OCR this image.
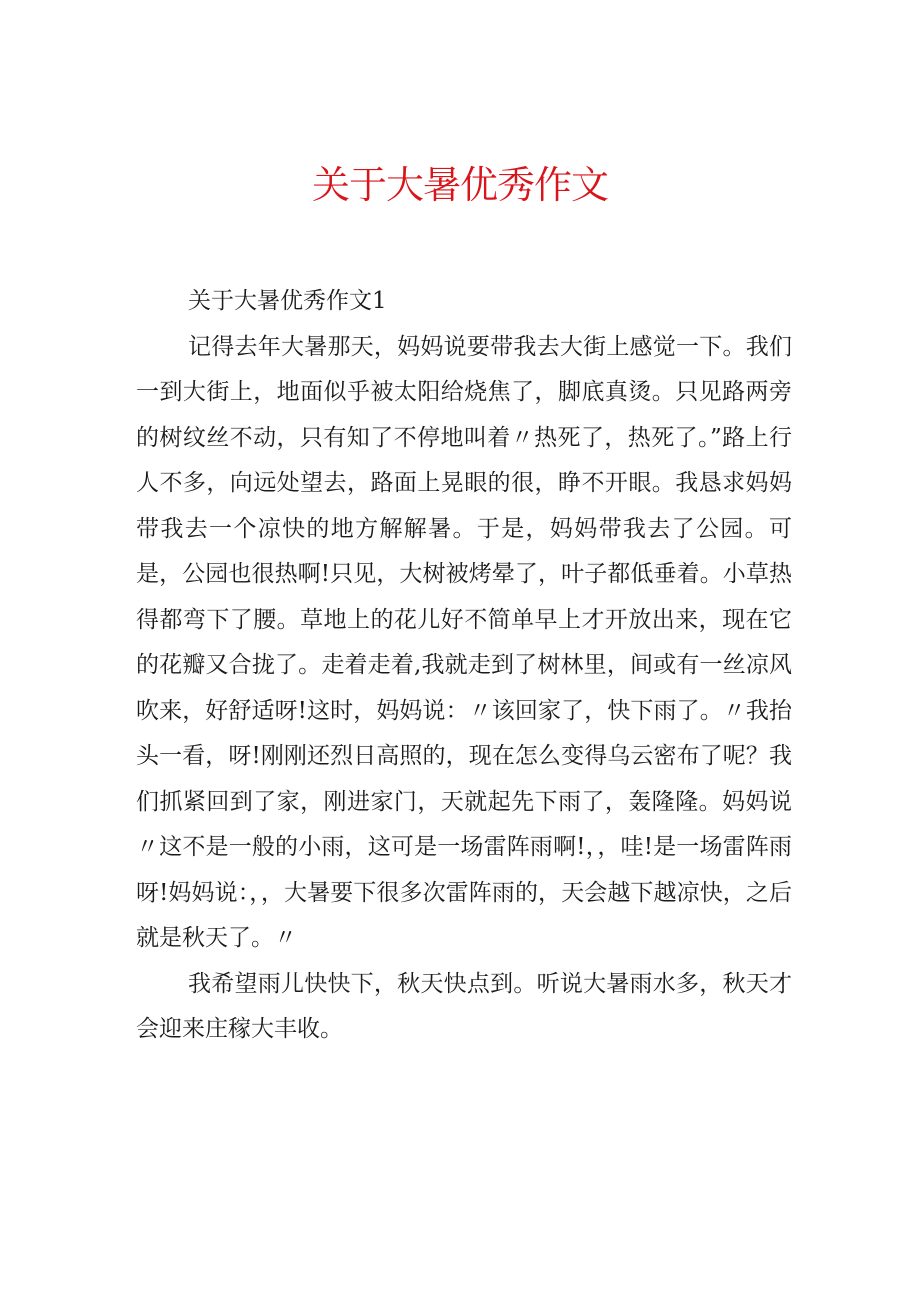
关于大暑优秀作文

关于大暑优秀作文1

记得去年大暑那天，妈妈说要带我去大街上感觉一下。我们一到大街上，地面似乎被太阳给烧焦了，脚底真烫。只见路两旁的树纹丝不动，只有知了不停地叫着〃热死了，热死了。”路上行人不多，向远处望去，路面上晃眼的很，睁不开眼。我恳求妈妈带我去一个凉快的地方解解暑。于是，妈妈带我去了公园。可是，公园也很热啊!只见，大树被烤晕了，叶子都低垂着。小草热得都弯下了腰。草地上的花儿好不简单早上才开放出来，现在它的花瓣又合拢了。走着走着,我就走到了树林里，间或有一丝凉风吹来，好舒适呀!这时，妈妈说：〃该回家了，快下雨了。〃我抬头一看，呀!刚刚还烈日高照的，现在怎么变得乌云密布了呢？我们抓紧回到了家，刚进家门，天就起先下雨了，轰隆隆。妈妈说〃这不是一般的小雨，这可是一场雷阵雨啊!，，哇!是一场雷阵雨呀!妈妈说：，，大暑要下很多次雷阵雨的，天会越下越凉快，之后就是秋天了。〃

我希望雨儿快快下，秋天快点到。听说大暑雨水多，秋天才会迎来庄稼大丰收。
